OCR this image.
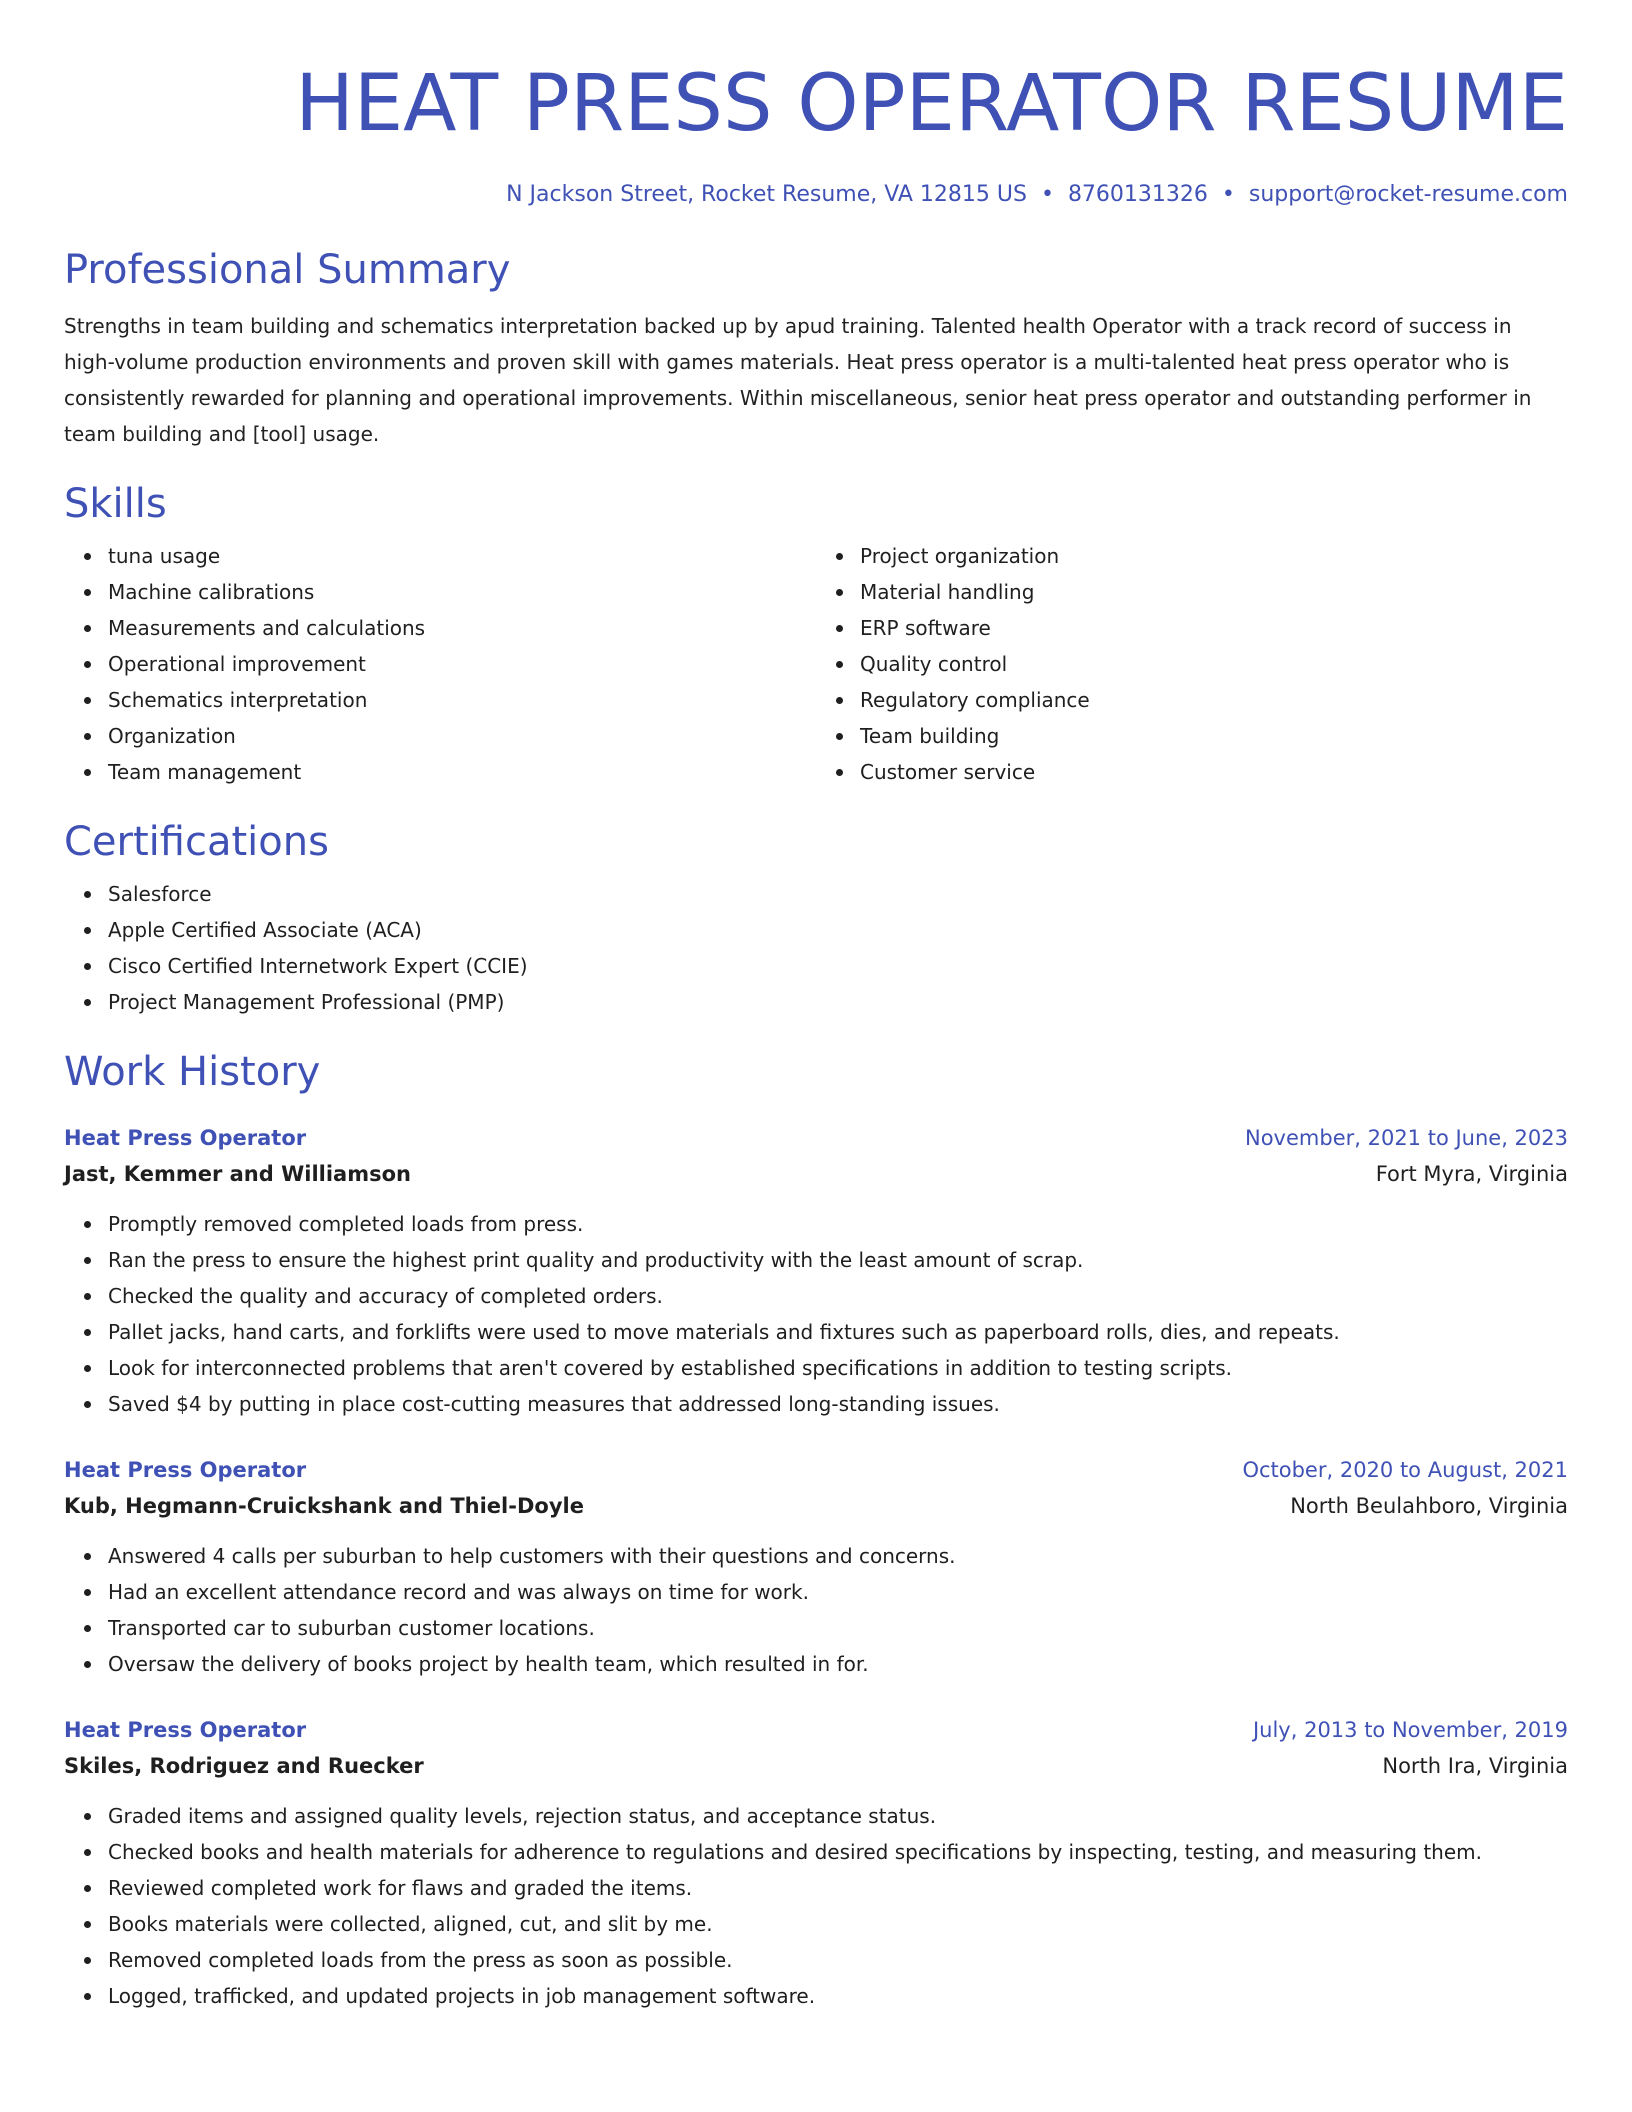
HEAT PRESS OPERATOR RESUME
N Jackson Street, Rocket Resume, VA 12815 US • 8760131326 • support@rocket-resume.com
Professional Summary

Strengths in team building and schematics interpretation backed up by apud training. Talented health Operator with a track record of success in high-volume production environments and proven skill with games materials. Heat press operator is a multi-talented heat press operator who is consistently rewarded for planning and operational improvements. Within miscellaneous, senior heat press operator and outstanding performer in team building and [tool] usage.

Skills
tuna usage
Machine calibrations
Measurements and calculations
Operational improvement
Schematics interpretation
Organization
Team management
Project organization
Material handling
ERP software
Quality control
Regulatory compliance
Team building
Customer service
Certifications
Salesforce
Apple Certified Associate (ACA)
Cisco Certified Internetwork Expert (CCIE)
Project Management Professional (PMP)
Work History
Heat Press Operator	November, 2021 to June, 2023
Jast, Kemmer and Williamson	Fort Myra, Virginia
Promptly removed completed loads from press.
Ran the press to ensure the highest print quality and productivity with the least amount of scrap.
Checked the quality and accuracy of completed orders.
Pallet jacks, hand carts, and forklifts were used to move materials and fixtures such as paperboard rolls, dies, and repeats.
Look for interconnected problems that aren't covered by established specifications in addition to testing scripts.
Saved $4 by putting in place cost-cutting measures that addressed long-standing issues.
Heat Press Operator	October, 2020 to August, 2021
Kub, Hegmann-Cruickshank and Thiel-Doyle	North Beulahboro, Virginia
Answered 4 calls per suburban to help customers with their questions and concerns.
Had an excellent attendance record and was always on time for work.
Transported car to suburban customer locations.
Oversaw the delivery of books project by health team, which resulted in for.
Heat Press Operator	July, 2013 to November, 2019
Skiles, Rodriguez and Ruecker	North Ira, Virginia
Graded items and assigned quality levels, rejection status, and acceptance status.
Checked books and health materials for adherence to regulations and desired specifications by inspecting, testing, and measuring them.
Reviewed completed work for flaws and graded the items.
Books materials were collected, aligned, cut, and slit by me.
Removed completed loads from the press as soon as possible.
Logged, trafficked, and updated projects in job management software.
